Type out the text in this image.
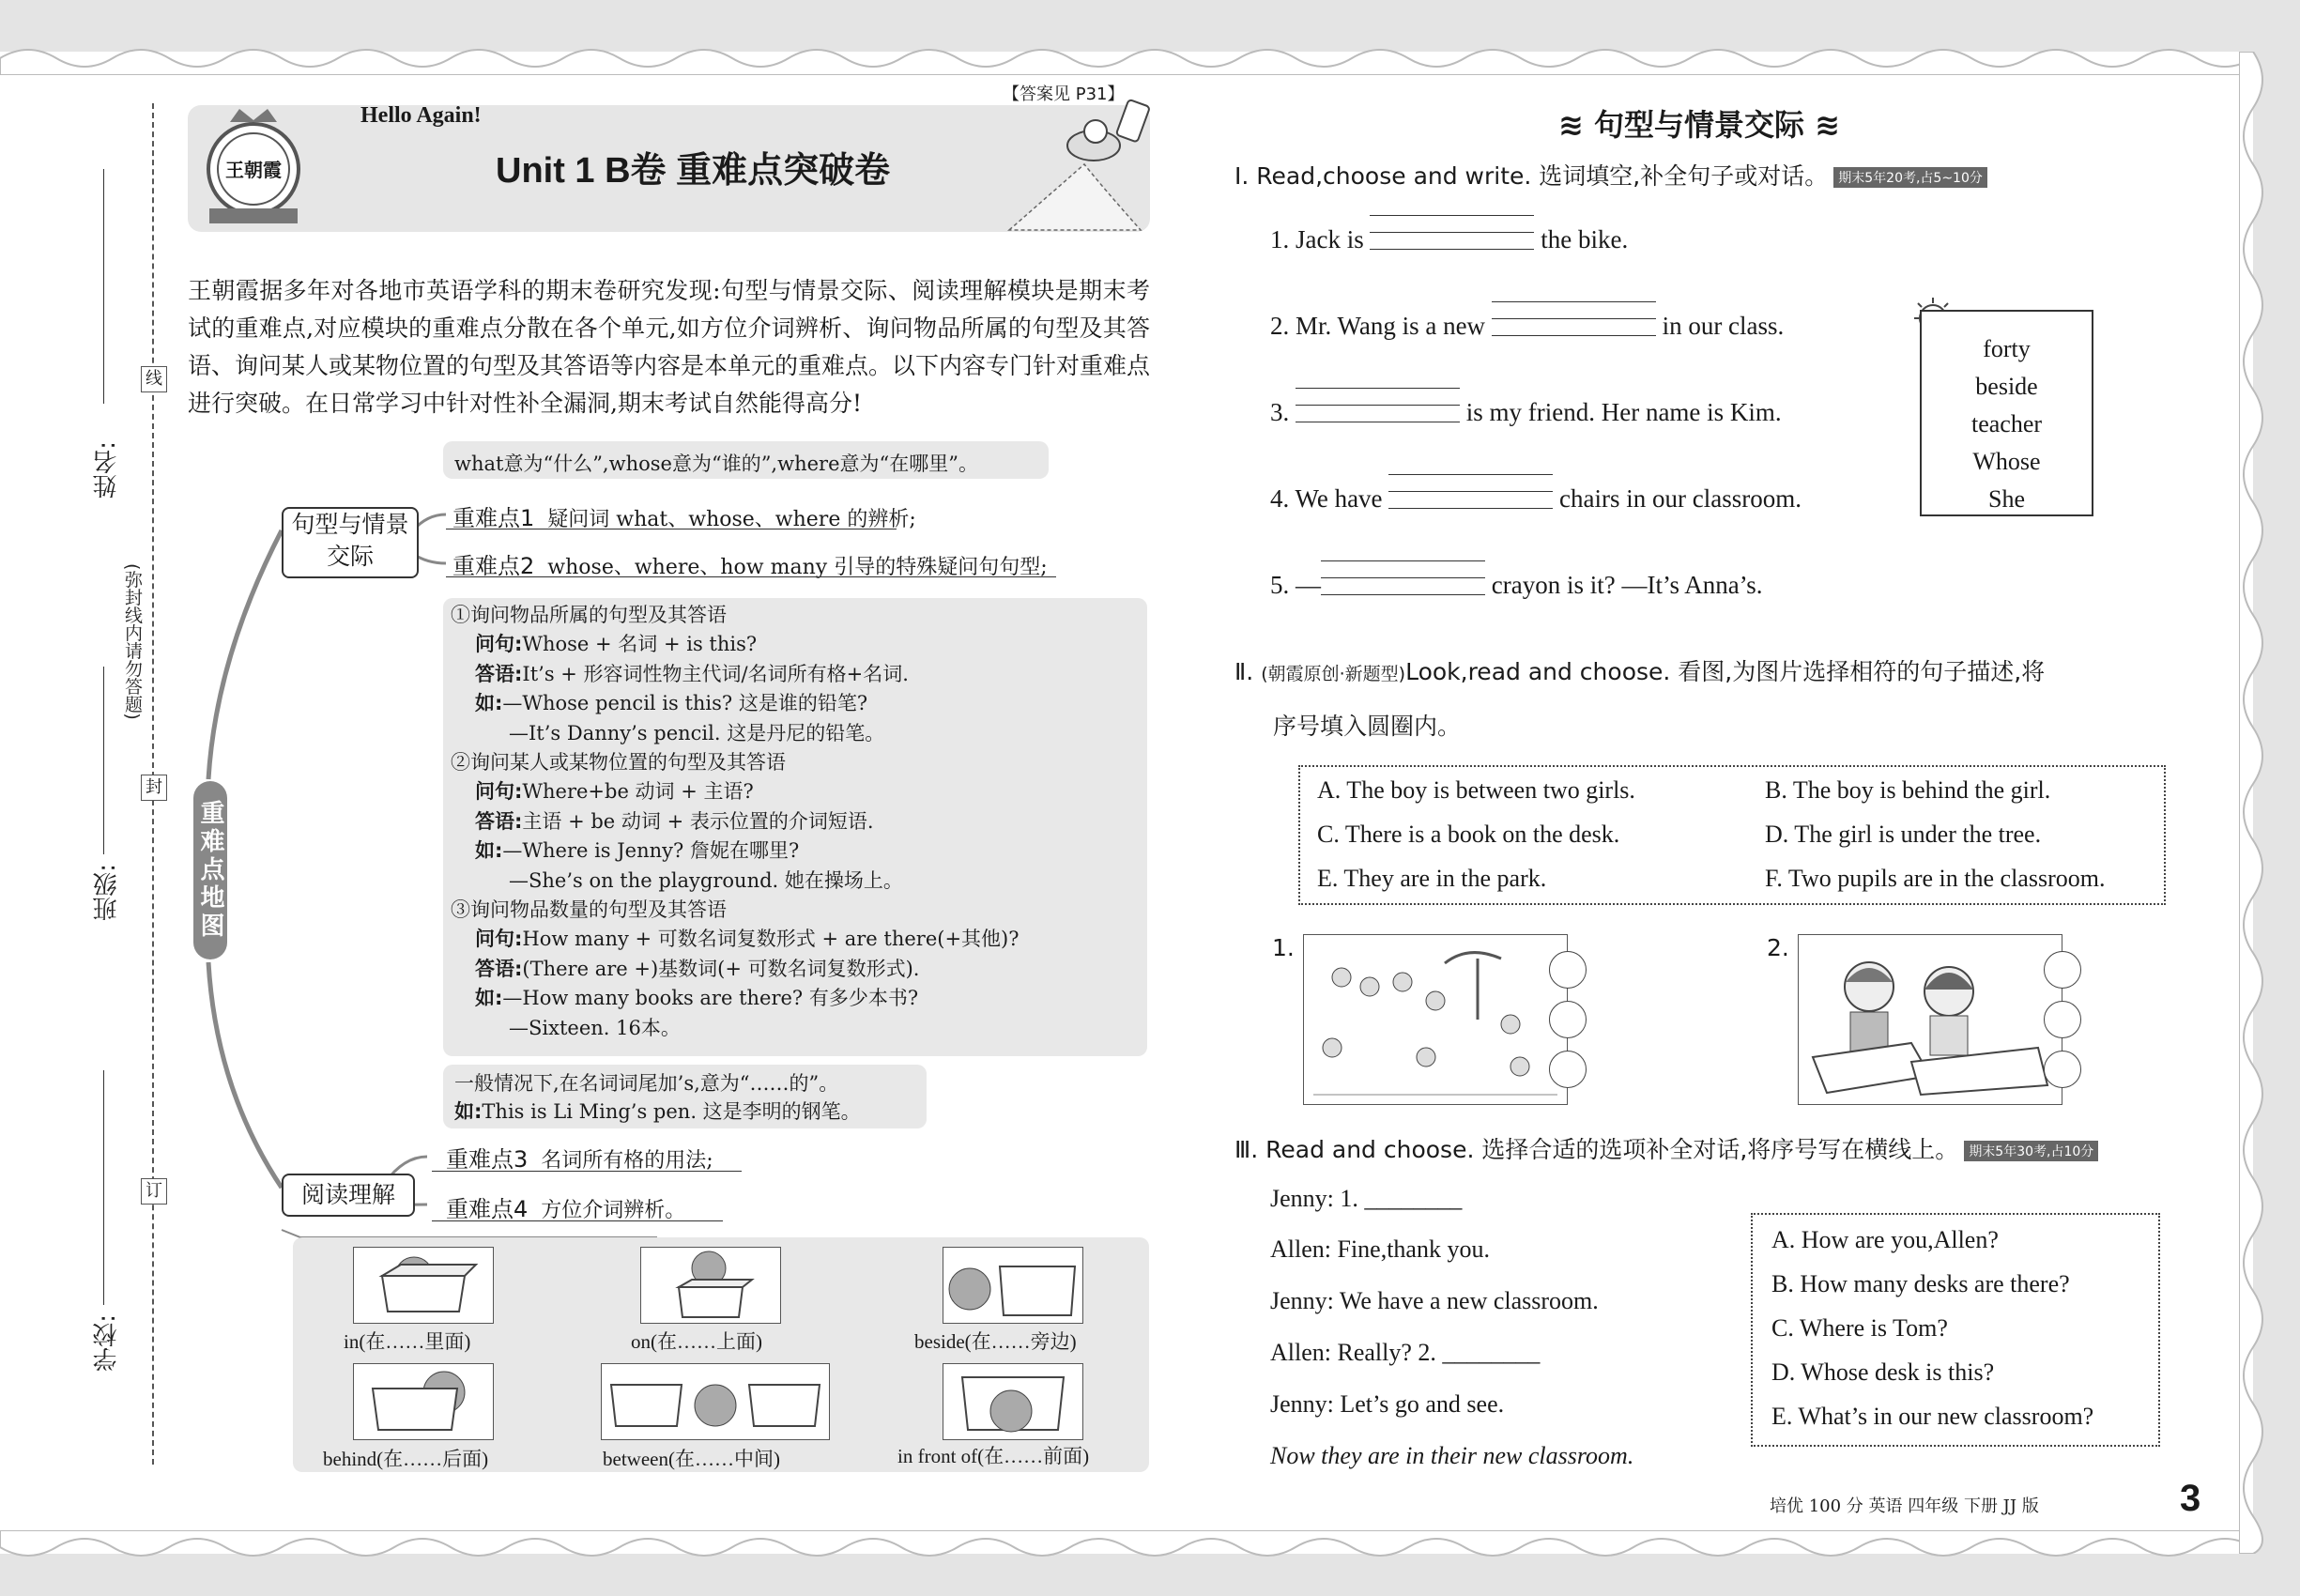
姓名:
班级:
学校:
(弥封线内请勿答题)
线
封
订
王朝霞
Hello Again!
Unit 1 B卷 重难点突破卷
【答案见 P31】
王朝霞据多年对各地市英语学科的期末卷研究发现:句型与情景交际、阅读理解模块是期末考试的重难点,对应模块的重难点分散在各个单元,如方位介词辨析、询问物品所属的句型及其答语、询问某人或某物位置的句型及其答语等内容是本单元的重难点。以下内容专门针对重难点进行突破。在日常学习中针对性补全漏洞,期末考试自然能得高分!
重难点地图
what意为“什么”,whose意为“谁的”,where意为“在哪里”。
句型与情景交际
重难点1 疑问词 what、whose、where 的辨析;
重难点2 whose、where、how many 引导的特殊疑问句句型;
①询问物品所属的句型及其答语
问句:Whose + 名词 + is this?
答语:It’s + 形容词性物主代词/名词所有格+名词.
如:—Whose pencil is this? 这是谁的铅笔?
—It’s Danny’s pencil. 这是丹尼的铅笔。
②询问某人或某物位置的句型及其答语
问句:Where+be 动词 + 主语?
答语:主语 + be 动词 + 表示位置的介词短语.
如:—Where is Jenny? 詹妮在哪里?
—She’s on the playground. 她在操场上。
③询问物品数量的句型及其答语
问句:How many + 可数名词复数形式 + are there(+其他)?
答语:(There are +)基数词(+ 可数名词复数形式).
如:—How many books are there? 有多少本书?
—Sixteen. 16本。
一般情况下,在名词词尾加’s,意为“……的”。
如:This is Li Ming’s pen. 这是李明的钢笔。
阅读理解
重难点3 名词所有格的用法;
重难点4 方位介词辨析。
in(在……里面)	on(在……上面)	beside(在……旁边)
behind(在……后面)	between(在……中间)	in front of(在……前面)
≋ 句型与情景交际 ≋
Ⅰ. Read,choose and write. 选词填空,补全句子或对话。 期末5年20考,占5~10分
1. Jack is	the bike.
2. Mr. Wang is a new	in our class.
3.	is my friend. Her name is Kim.
4. We have	chairs in our classroom.
5. —	crayon is it? —It’s Anna’s.
forty
beside
teacher
Whose
She
Ⅱ. (朝霞原创·新题型)Look,read and choose. 看图,为图片选择相符的句子描述,将
序号填入圆圈内。
A. The boy is between two girls.	B. The boy is behind the girl.
C. There is a book on the desk.	D. The girl is under the tree.
E. They are in the park.	F. Two pupils are in the classroom.
1.	2.
Ⅲ. Read and choose. 选择合适的选项补全对话,将序号写在横线上。 期末5年30考,占10分
Jenny: 1. ________
Allen: Fine,thank you.
Jenny: We have a new classroom.
Allen: Really? 2. ________
Jenny: Let’s go and see.
Now they are in their new classroom.
A. How are you,Allen?
B. How many desks are there?
C. Where is Tom?
D. Whose desk is this?
E. What’s in our new classroom?
培优 100 分 英语 四年级 下册 JJ 版	3
